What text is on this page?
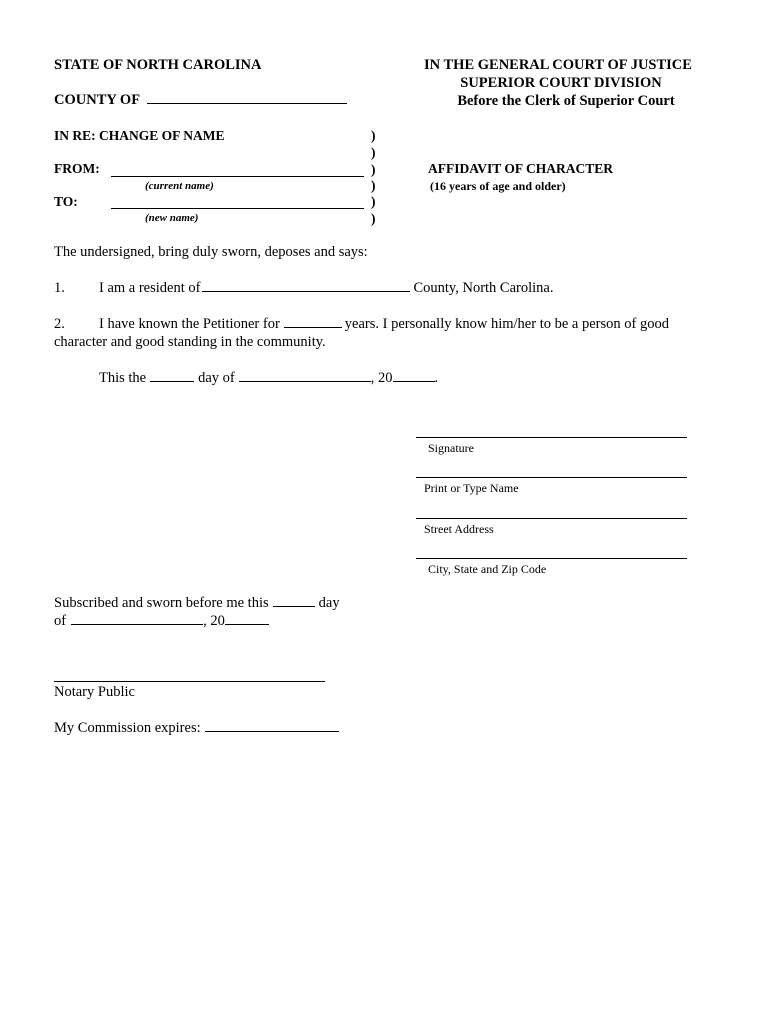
STATE OF NORTH CAROLINA
COUNTY OF
IN THE GENERAL COURT OF JUSTICE
SUPERIOR COURT DIVISION
Before the Clerk of Superior Court
IN RE: CHANGE OF NAME
FROM:
(current name)
TO:
(new name)
)
)
)
)
)
)
AFFIDAVIT OF CHARACTER
(16 years of age and older)
The undersigned, bring duly sworn, deposes and says:
1. I am a resident of	County, North Carolina.
2. I have known the Petitioner for	years. I personally know him/her to be a person of good
character and good standing in the community.
This the	day of	, 20	.
Signature
Print or Type Name
Street Address
City, State and Zip Code
Subscribed and sworn before me this	day
of	, 20
Notary Public
My Commission expires:
